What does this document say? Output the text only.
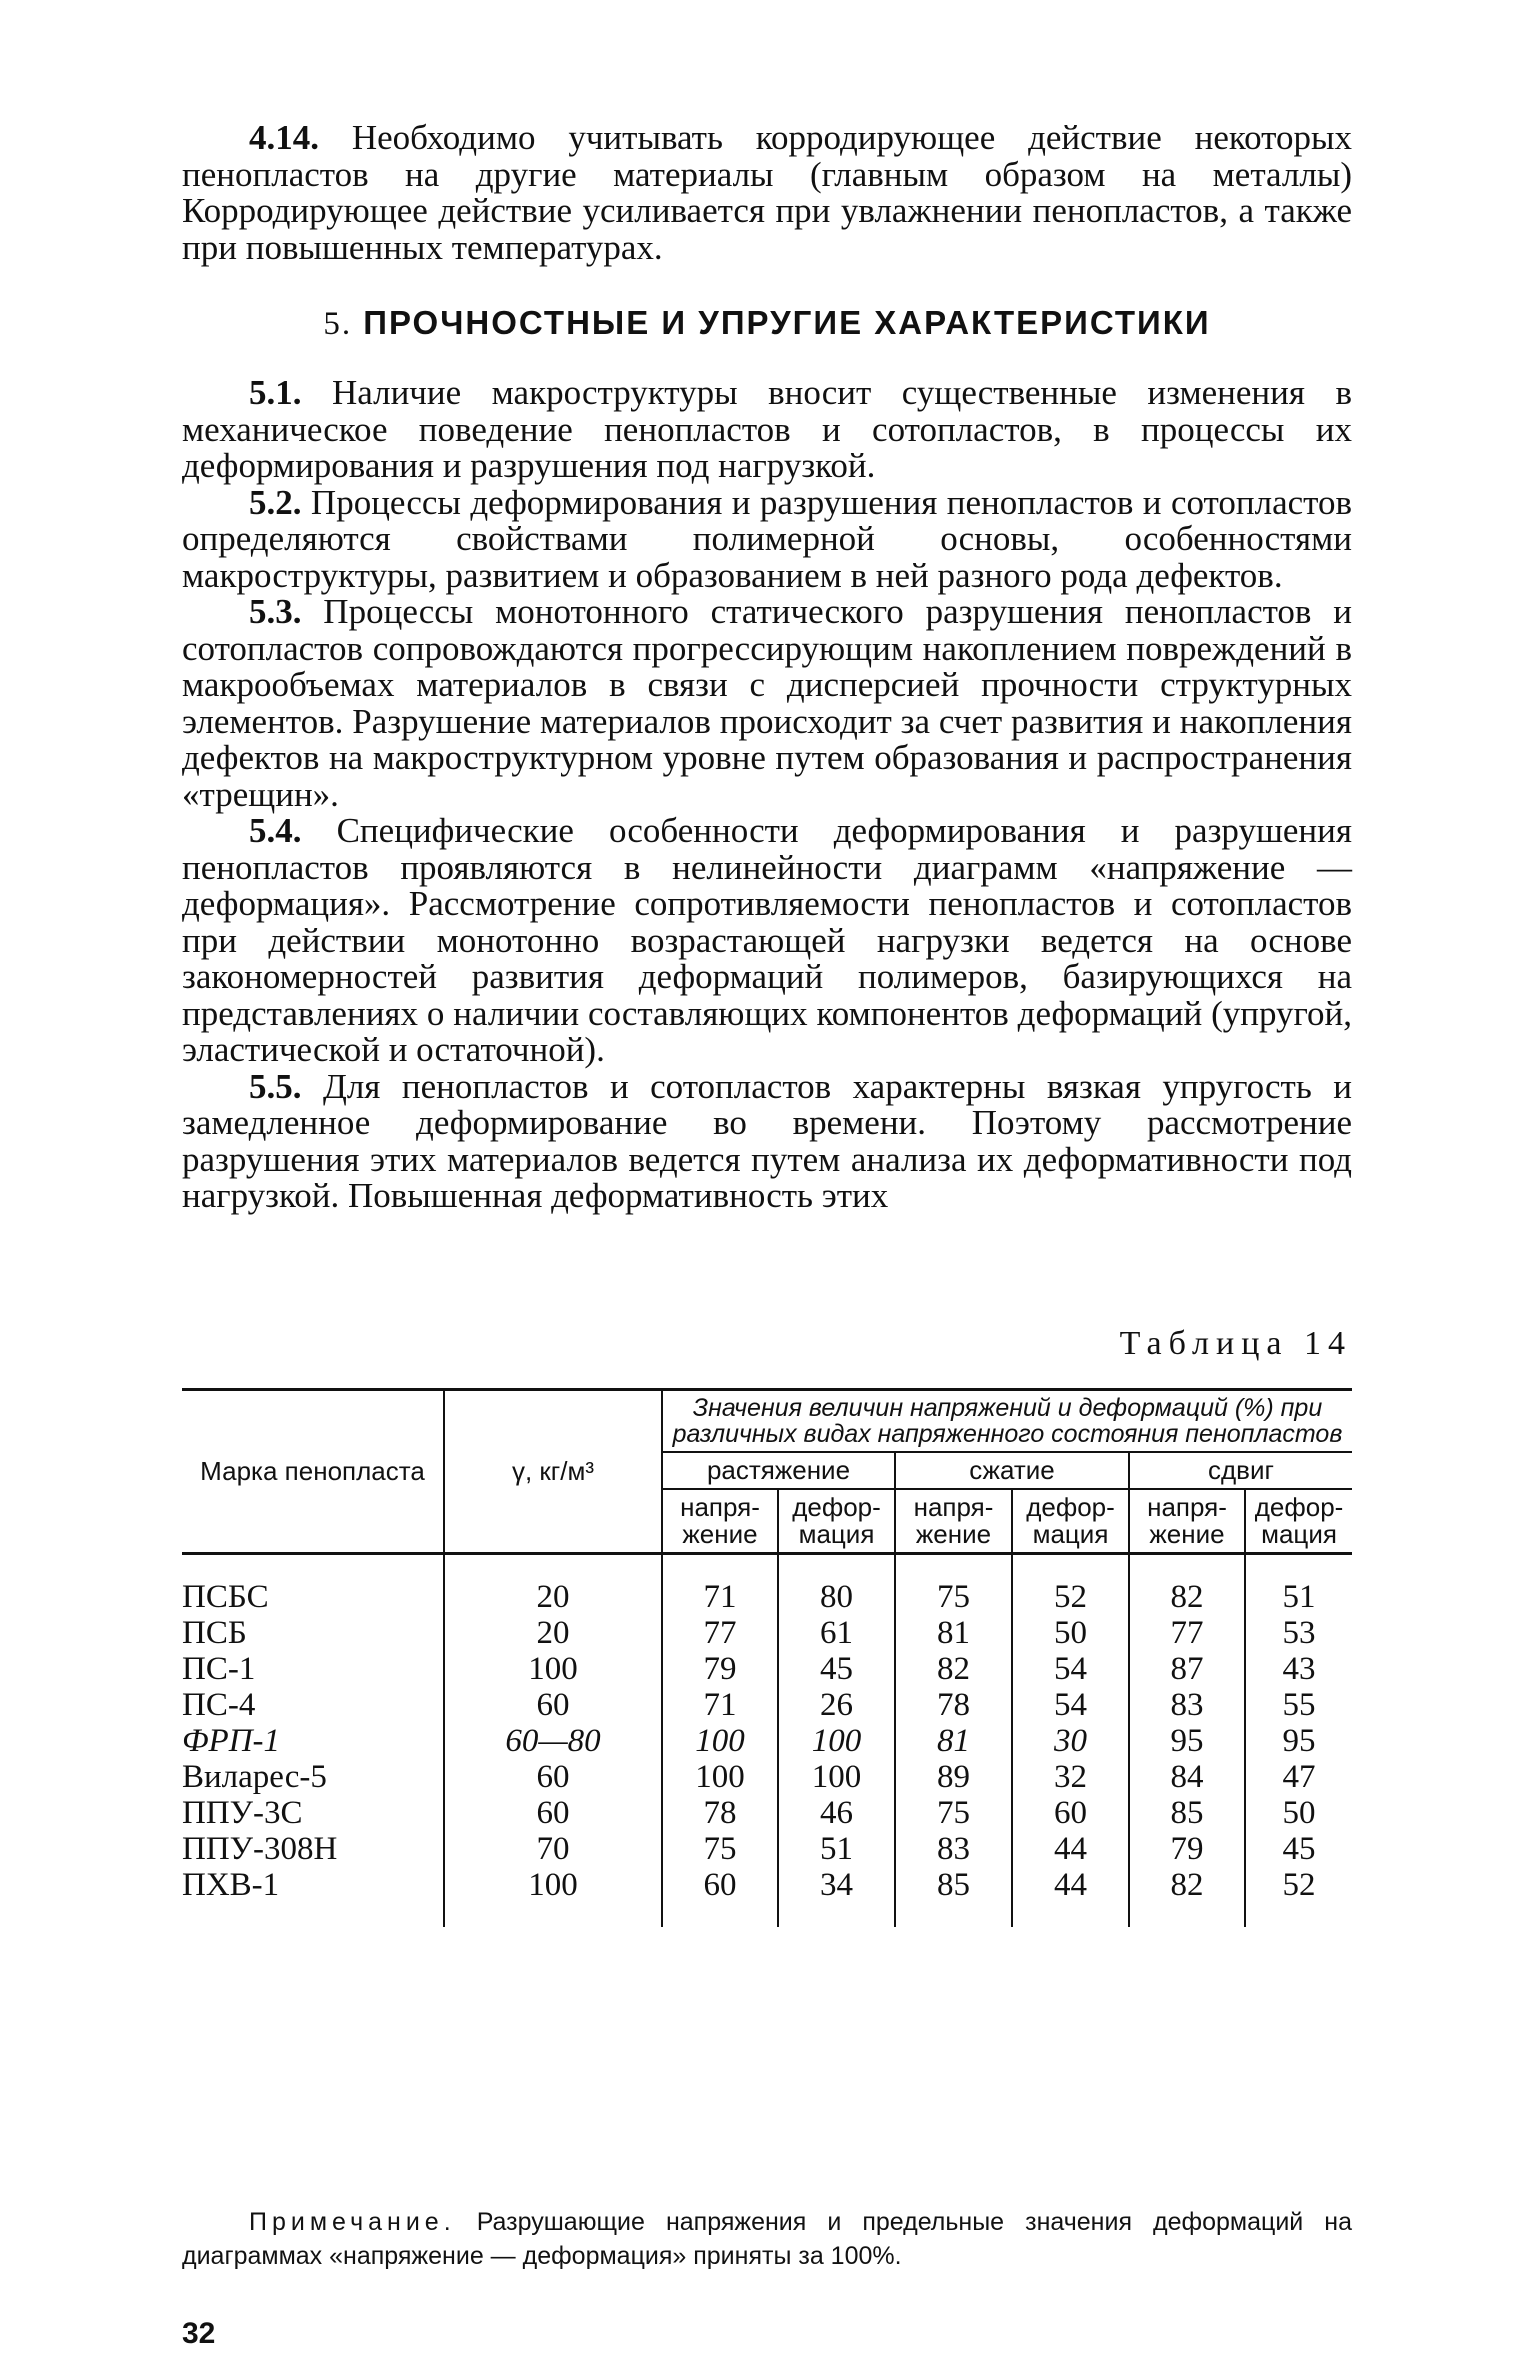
4.14. Необходимо учитывать корродирующее действие некоторых пенопластов на другие материалы (главным образом на металлы) Корродирующее действие усиливается при увлажнении пенопластов, а также при повышенных температурах.

5. ПРОЧНОСТНЫЕ И УПРУГИЕ ХАРАКТЕРИСТИКИ

5.1. Наличие макроструктуры вносит существенные изменения в механическое поведение пенопластов и сотопластов, в процессы их деформирования и разрушения под нагрузкой.

5.2. Процессы деформирования и разрушения пенопластов и сотопластов определяются свойствами полимерной основы, особенностями макроструктуры, развитием и образованием в ней разного рода дефектов.

5.3. Процессы монотонного статического разрушения пенопластов и сотопластов сопровождаются прогрессирующим накоплением повреждений в макрообъемах материалов в связи с дисперсией прочности структурных элементов. Разрушение материалов происходит за счет развития и накопления дефектов на макроструктурном уровне путем образования и распространения «трещин».

5.4. Специфические особенности деформирования и разрушения пенопластов проявляются в нелинейности диаграмм «напряжение — деформация». Рассмотрение сопротивляемости пенопластов и сотопластов при действии монотонно возрастающей нагрузки ведется на основе закономерностей развития деформаций полимеров, базирующихся на представлениях о наличии составляющих компонентов деформаций (упругой, эластической и остаточной).

5.5. Для пенопластов и сотопластов характерны вязкая упругость и замедленное деформирование во времени. Поэтому рассмотрение разрушения этих материалов ведется путем анализа их деформативности под нагрузкой. Повышенная деформативность этих

Таблица 14
Марка пенопласта	γ, кг/м³	Значения величин напряжений и деформаций (%) при различных видах напряженного состояния пенопластов					
		растяжение		сжатие		сдвиг	
		напря-жение	дефор-мация	напря-жение	дефор-мация	напря-жение	дефор-мация

ПСБС	20	71	80	75	52	82	51
ПСБ	20	77	61	81	50	77	53
ПС-1	100	79	45	82	54	87	43
ПС-4	60	71	26	78	54	83	55
ФРП-1	60—80	100	100	81	30	95	95
Виларес-5	60	100	100	89	32	84	47
ППУ-3С	60	78	46	75	60	85	50
ППУ-308Н	70	75	51	83	44	79	45
ПХВ-1	100	60	34	85	44	82	52

Примечание. Разрушающие напряжения и предельные значения деформаций на диаграммах «напряжение — деформация» приняты за 100%.
32
